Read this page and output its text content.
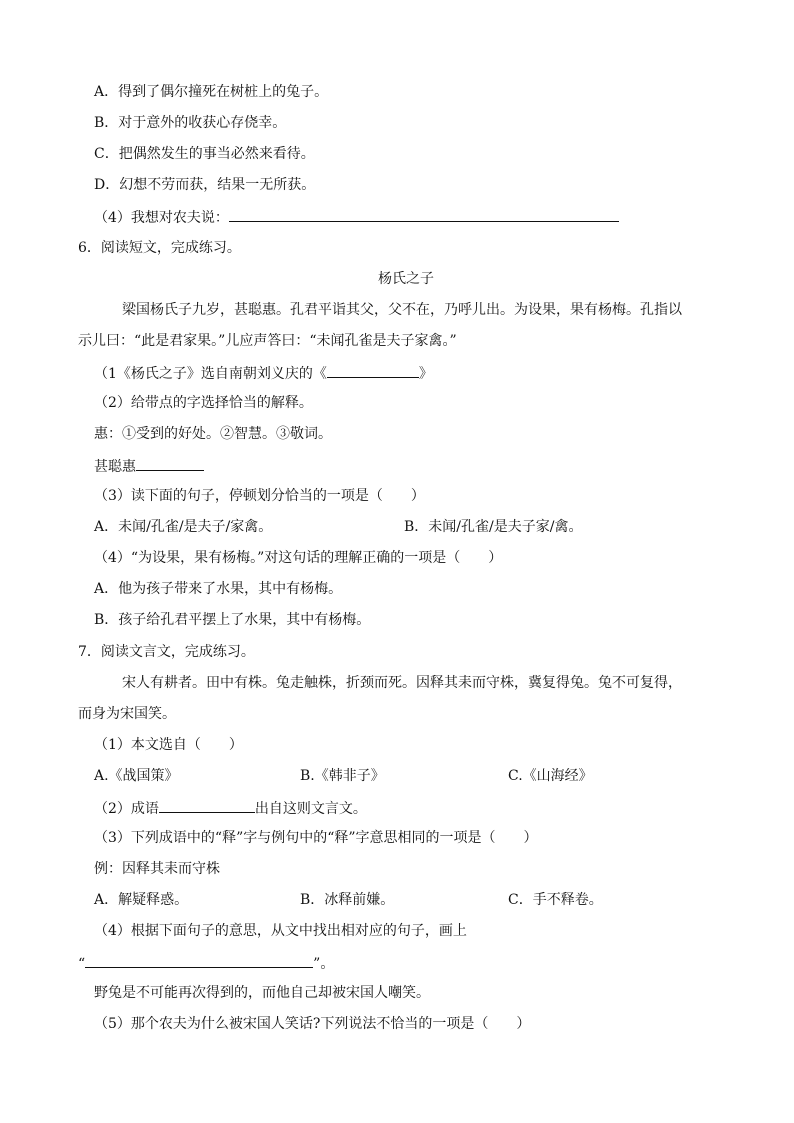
A．得到了偶尔撞死在树桩上的兔子。
B．对于意外的收获心存侥幸。
C．把偶然发生的事当必然来看待。
D．幻想不劳而获，结果一无所获。
（4）我想对农夫说：
6．阅读短文，完成练习。
杨氏之子
梁国杨氏子九岁，甚聪惠。孔君平诣其父，父不在，乃呼儿出。为设果，果有杨梅。孔指以
示儿曰：“此是君家果。”儿应声答曰：“未闻孔雀是夫子家禽。”
（1《杨氏之子》选自南朝刘义庆的《	》
（2）给带点的字选择恰当的解释。
惠：①受到的好处。②智慧。③敬词。
甚聪惠
（3）读下面的句子，停顿划分恰当的一项是（　　）
A．未闻/孔雀/是夫子/家禽。	B．未闻/孔雀/是夫子家/禽。
（4）“为设果，果有杨梅。”对这句话的理解正确的一项是（　　）
A．他为孩子带来了水果，其中有杨梅。
B．孩子给孔君平摆上了水果，其中有杨梅。
7．阅读文言文，完成练习。
宋人有耕者。田中有株。兔走触株，折颈而死。因释其耒而守株，冀复得兔。兔不可复得，
而身为宋国笑。
（1）本文选自（　　）
A.《战国策》	B.《韩非子》	C.《山海经》
（2）成语	出自这则文言文。
（3）下列成语中的“释”字与例句中的“释”字意思相同的一项是（　　）
例：因释其耒而守株
A．解疑释惑。	B．冰释前嫌。	C．手不释卷。
（4）根据下面句子的意思，从文中找出相对应的句子，画上
“	”。
野兔是不可能再次得到的，而他自己却被宋国人嘲笑。
（5）那个农夫为什么被宋国人笑话?下列说法不恰当的一项是（　　）
